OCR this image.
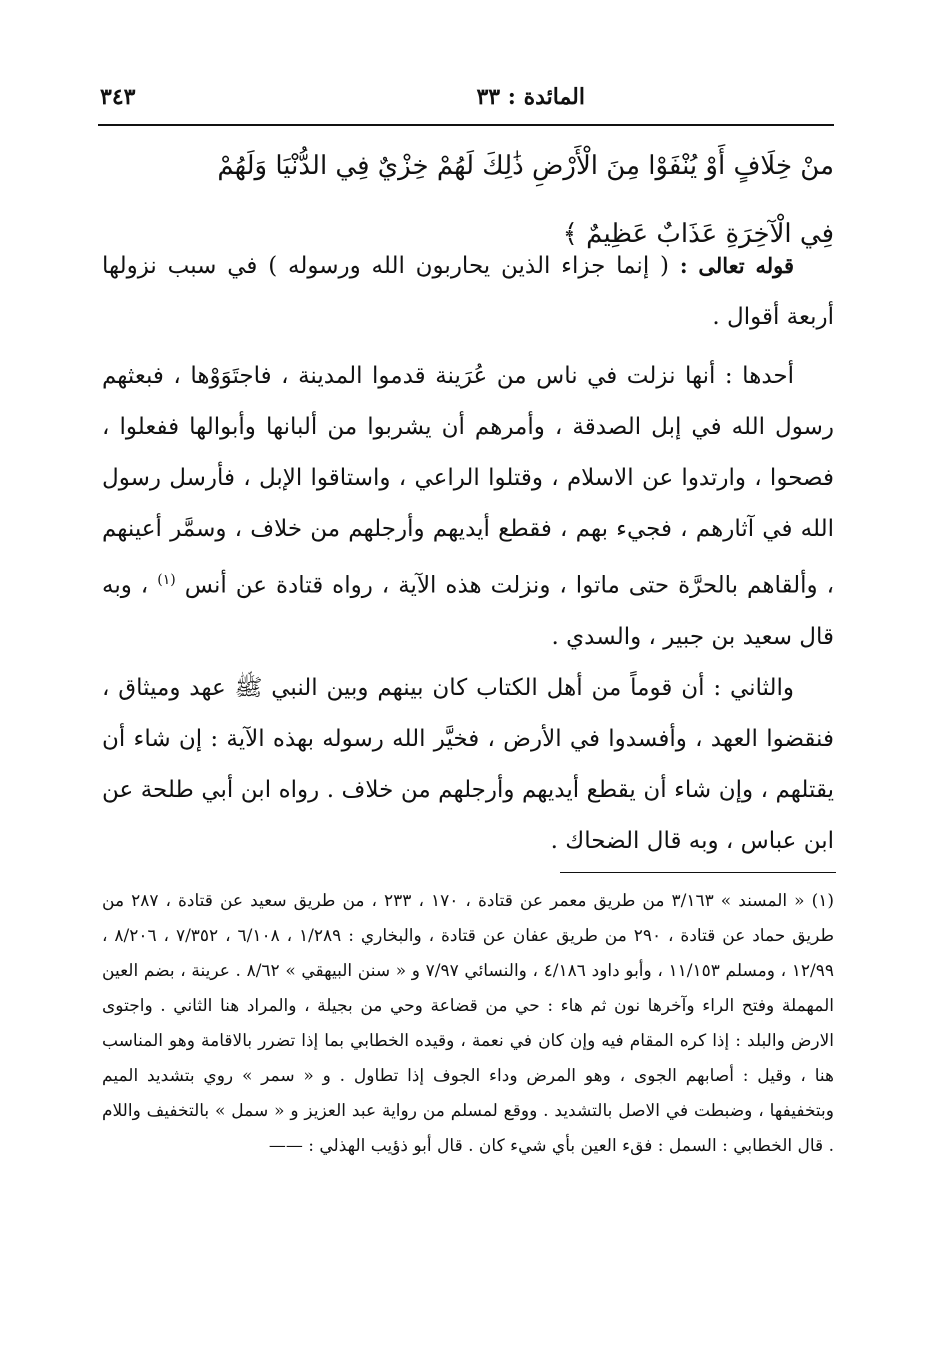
المائدة : ٣٣
٣٤٣

منْ خِلَافٍ أَوْ يُنْفَوْا مِنَ الْأَرْضِ ذَٰلِكَ لَهُمْ خِزْيٌ فِي الدُّنْيَا وَلَهُمْ

فِي الْآخِرَةِ عَذَابٌ عَظِيمٌ ﴾

قوله تعالى : ( إنما جزاء الذين يحاربون الله ورسوله ) في سبب نزولها أربعة أقوال .

أحدها : أنها نزلت في ناس من عُرَينة قدموا المدينة ، فاجتَوَوْها ، فبعثهم رسول الله في إبل الصدقة ، وأمرهم أن يشربوا من ألبانها وأبوالها ففعلوا ، فصحوا ، وارتدوا عن الاسلام ، وقتلوا الراعي ، واستاقوا الإبل ، فأرسل رسول الله في آثارهم ، فجيء بهم ، فقطع أيديهم وأرجلهم من خلاف ، وسمَّر أعينهم ، وألقاهم بالحرَّة حتى ماتوا ، ونزلت هذه الآية ، رواه قتادة عن أنس $^{(١)}$ ، وبه قال سعيد بن جبير ، والسدي .

والثاني : أن قوماً من أهل الكتاب كان بينهم وبين النبي ﷺ عهد وميثاق ، فنقضوا العهد ، وأفسدوا في الأرض ، فخيَّر الله رسوله بهذه الآية : إن شاء أن يقتلهم ، وإن شاء أن يقطع أيديهم وأرجلهم من خلاف . رواه ابن أبي طلحة عن ابن عباس ، وبه قال الضحاك .

(١) « المسند » ٣/١٦٣ من طريق معمر عن قتادة ، ١٧٠ ، ٢٣٣ ، من طريق سعيد عن قتادة ، ٢٨٧ من طريق حماد عن قتادة ، ٢٩٠ من طريق عفان عن قتادة ، والبخاري : ١/٢٨٩ ، ٦/١٠٨ ، ٧/٣٥٢ ، ٨/٢٠٦ ، ١٢/٩٩ ، ومسلم ١١/١٥٣ ، وأبو داود ٤/١٨٦ ، والنسائي ٧/٩٧ و « سنن البيهقي » ٨/٦٢ . عرينة ، بضم العين المهملة وفتح الراء وآخرها نون ثم هاء : حي من قضاعة وحي من بجيلة ، والمراد هنا الثاني . واجتوى الارض والبلد : إذا كره المقام فيه وإن كان في نعمة ، وقيده الخطابي بما إذا تضرر بالاقامة وهو المناسب هنا ، وقيل : أصابهم الجوى ، وهو المرض وداء الجوف إذا تطاول . و « سمر » روي بتشديد الميم وبتخفيفها ، وضبطت في الاصل بالتشديد . ووقع لمسلم من رواية عبد العزيز و « سمل » بالتخفيف واللام . قال الخطابي : السمل : فقء العين بأي شيء كان . قال أبو ذؤيب الهذلي : ——
